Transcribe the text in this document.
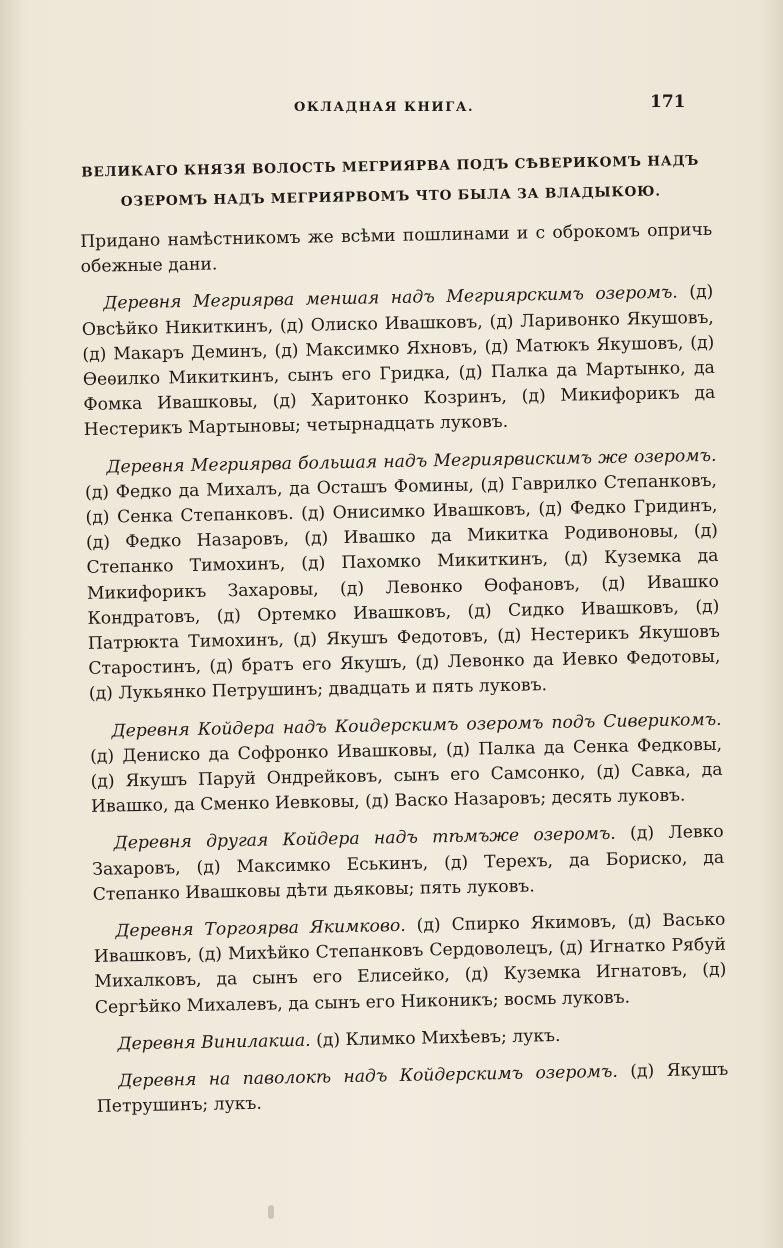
ОКЛАДНАЯ КНИГА.	171
ВЕЛИКАГО КНЯЗЯ ВОЛОСТЬ МЕГРИЯРВА ПОДЪ СѢВЕРИКОМЪ НАДЪ
ОЗЕРОМЪ НАДЪ МЕГРИЯРВОМЪ ЧТО БЫЛА ЗА ВЛАДЫКОЮ.

Придано намѣстникомъ же всѣми пошлинами и с оброкомъ опричь обежные дани.

Деревня Мегриярва меншая надъ Мегриярскимъ озеромъ. (д) Овсѣйко Никиткинъ, (д) Олиско Ивашковъ, (д) Ларивонко Якушовъ, (д) Макаръ Деминъ, (д) Максимко Яхновъ, (д) Матюкъ Якушовъ, (д) Ѳеѳилко Микиткинъ, сынъ его Гридка, (д) Палка да Мартынко, да Фомка Ивашковы, (д) Харитонко Козринъ, (д) Микифорикъ да Нестерикъ Мартыновы; четырнадцать луковъ.

Деревня Мегриярва большая надъ Мегриярвискимъ же озеромъ. (д) Федко да Михалъ, да Осташъ Фомины, (д) Гаврилко Степанковъ, (д) Сенка Степанковъ. (д) Онисимко Ивашковъ, (д) Федко Гридинъ, (д) Федко Назаровъ, (д) Ивашко да Микитка Родивоновы, (д) Степанко Тимохинъ, (д) Пахомко Микиткинъ, (д) Куземка да Микифорикъ Захаровы, (д) Левонко Ѳофановъ, (д) Ивашко Кондратовъ, (д) Ортемко Ивашковъ, (д) Сидко Ивашковъ, (д) Патрюкта Тимохинъ, (д) Якушъ Федотовъ, (д) Нестерикъ Якушовъ Старостинъ, (д) братъ его Якушъ, (д) Левонко да Иевко Федотовы, (д) Лукьянко Петрушинъ; двадцать и пять луковъ.

Деревня Койдера надъ Коидерскимъ озеромъ подъ Сиверикомъ. (д) Дениско да Софронко Ивашковы, (д) Палка да Сенка Федковы, (д) Якушъ Паруй Ондрейковъ, сынъ его Самсонко, (д) Савка, да Ивашко, да Сменко Иевковы, (д) Васко Назаровъ; десять луковъ.

Деревня другая Койдера надъ тѣмъже озеромъ. (д) Левко Захаровъ, (д) Максимко Еськинъ, (д) Терехъ, да Бориско, да Степанко Ивашковы дѣти дьяковы; пять луковъ.

Деревня Торгоярва Якимково. (д) Спирко Якимовъ, (д) Васько Ивашковъ, (д) Михѣйко Степанковъ Сердоволецъ, (д) Игнатко Рябуй Михалковъ, да сынъ его Елисейко, (д) Куземка Игнатовъ, (д) Сергѣйко Михалевъ, да сынъ его Никоникъ; восмь луковъ.

Деревня Винилакша. (д) Климко Михѣевъ; лукъ.

Деревня на паволокѣ надъ Койдерскимъ озеромъ. (д) Якушъ Петрушинъ; лукъ.
